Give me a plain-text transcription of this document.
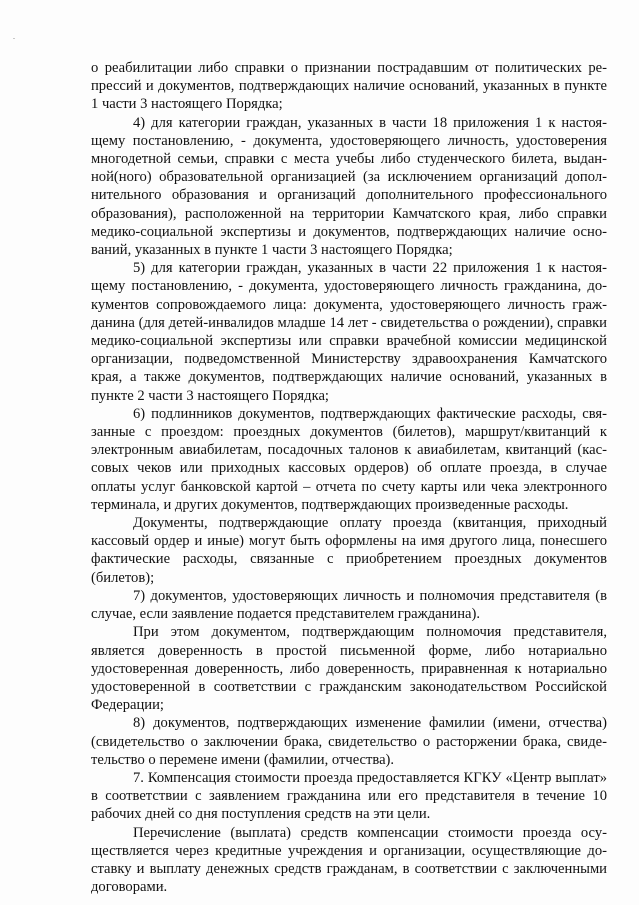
о реабилитации либо справки о признании пострадавшим от политических репрессий и документов, подтверждающих наличие оснований, указанных в пункте 1 части 3 настоящего Порядка;

4) для категории граждан, указанных в части 18 приложения 1 к настоящему постановлению, - документа, удостоверяющего личность, удостоверения многодетной семьи, справки с места учебы либо студенческого билета, выданной(ного) образовательной организацией (за исключением организаций дополнительного образования и организаций дополнительного профессионального образования), расположенной на территории Камчатского края, либо справки медико-социальной экспертизы и документов, подтверждающих наличие оснований, указанных в пункте 1 части 3 настоящего Порядка;

5) для категории граждан, указанных в части 22 приложения 1 к настоящему постановлению, - документа, удостоверяющего личность гражданина, документов сопровождаемого лица: документа, удостоверяющего личность гражданина (для детей-инвалидов младше 14 лет - свидетельства о рождении), справки медико-социальной экспертизы или справки врачебной комиссии медицинской организации, подведомственной Министерству здравоохранения Камчатского края, а также документов, подтверждающих наличие оснований, указанных в пункте 2 части 3 настоящего Порядка;

6) подлинников документов, подтверждающих фактические расходы, связанные с проездом: проездных документов (билетов), маршрут/квитанций к электронным авиабилетам, посадочных талонов к авиабилетам, квитанций (кассовых чеков или приходных кассовых ордеров) об оплате проезда, в случае оплаты услуг банковской картой – отчета по счету карты или чека электронного терминала, и других документов, подтверждающих произведенные расходы.

Документы, подтверждающие оплату проезда (квитанция, приходный кассовый ордер и иные) могут быть оформлены на имя другого лица, понесшего фактические расходы, связанные с приобретением проездных документов (билетов);

7) документов, удостоверяющих личность и полномочия представителя (в случае, если заявление подается представителем гражданина).

При этом документом, подтверждающим полномочия представителя, является доверенность в простой письменной форме, либо нотариально удостоверенная доверенность, либо доверенность, приравненная к нотариально удостоверенной в соответствии с гражданским законодательством Российской Федерации;

8) документов, подтверждающих изменение фамилии (имени, отчества) (свидетельство о заключении брака, свидетельство о расторжении брака, свидетельство о перемене имени (фамилии, отчества).

7. Компенсация стоимости проезда предоставляется КГКУ «Центр выплат» в соответствии с заявлением гражданина или его представителя в течение 10 рабочих дней со дня поступления средств на эти цели.

Перечисление (выплата) средств компенсации стоимости проезда осуществляется через кредитные учреждения и организации, осуществляющие доставку и выплату денежных средств гражданам, в соответствии с заключенными договорами.
